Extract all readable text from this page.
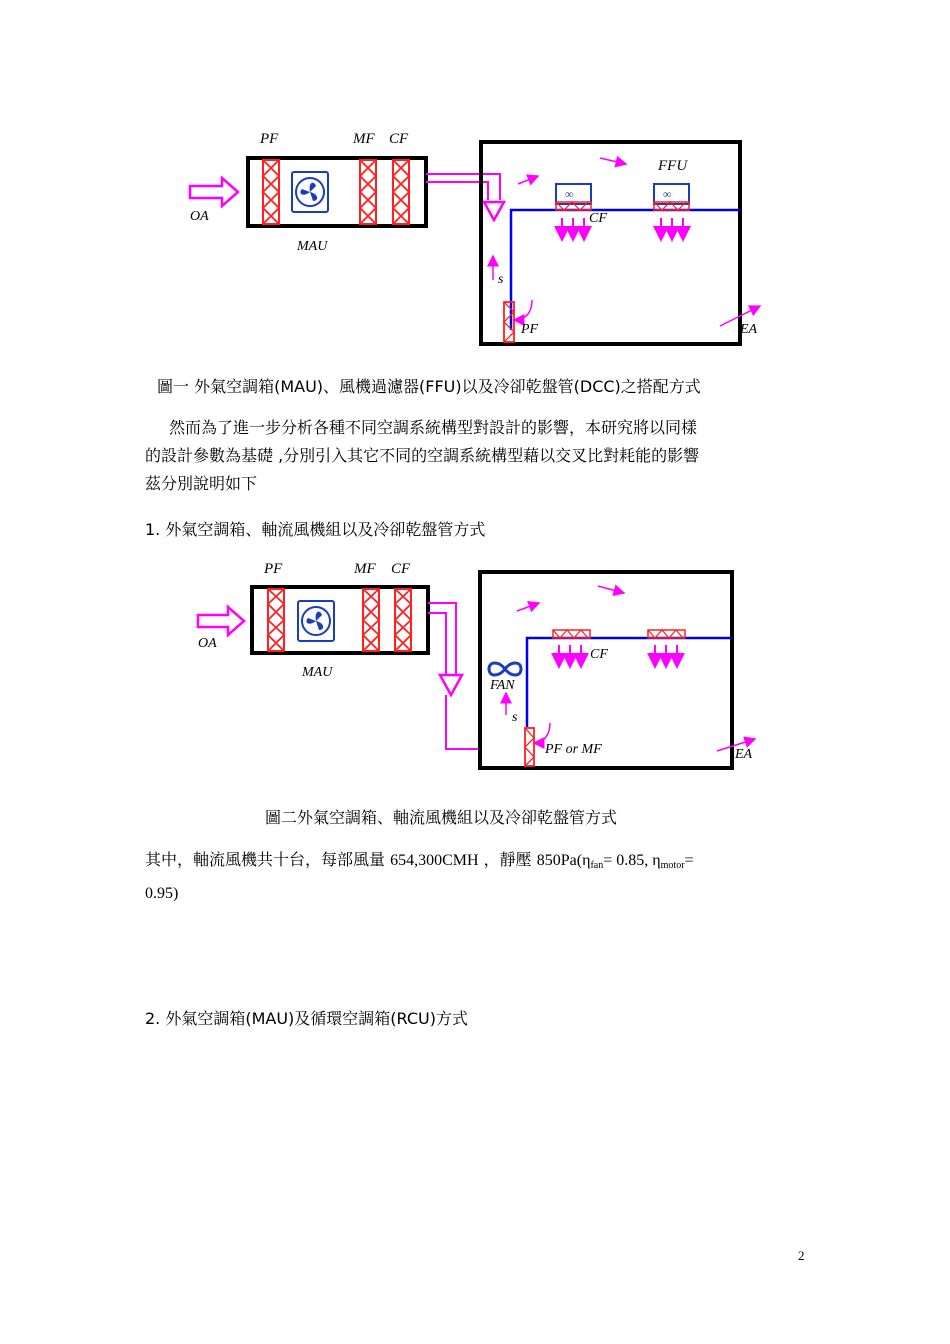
∞	∞
PF	MF CF
OA
MAU
FFU
CF
s
PF	EA
圖一 外氣空調箱(MAU)、風機過濾器(FFU)以及冷卻乾盤管(DCC)之搭配方式
然而為了進一步分析各種不同空調系統構型對設計的影響，本研究將以同樣
的設計參數為基礎 ,分別引入其它不同的空調系統構型藉以交叉比對耗能的影響
茲分別說明如下
1. 外氣空調箱、軸流風機組以及冷卻乾盤管方式
PF	MF CF
OA
MAU
FAN
s
CF
PF or MF	EA
圖二外氣空調箱、軸流風機組以及冷卻乾盤管方式
其中，軸流風機共十台，每部風量 654,300CMH ，靜壓 $850Pa(\eta_{fan}= 0.85$, $\eta_{motor}=$
0.95)
2. 外氣空調箱(MAU)及循環空調箱(RCU)方式
2
